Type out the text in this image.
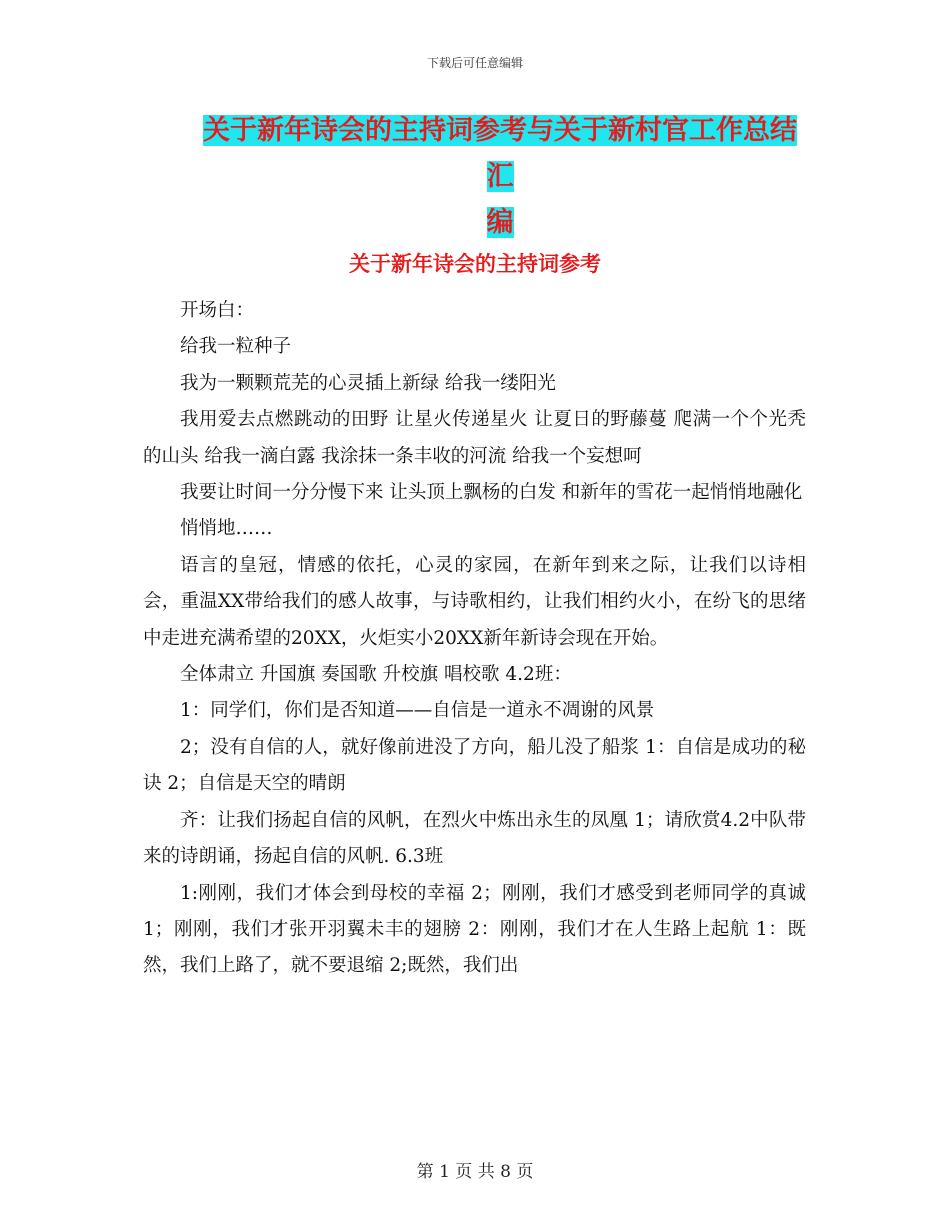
下载后可任意编辑
关于新年诗会的主持词参考与关于新村官工作总结汇
编
关于新年诗会的主持词参考

开场白：

给我一粒种子

我为一颗颗荒芜的心灵插上新绿 给我一缕阳光

我用爱去点燃跳动的田野 让星火传递星火 让夏日的野藤蔓 爬满一个个光秃的山头 给我一滴白露 我涂抹一条丰收的河流 给我一个妄想呵

我要让时间一分分慢下来 让头顶上飘杨的白发 和新年的雪花一起悄悄地融化

悄悄地……

语言的皇冠，情感的依托，心灵的家园，在新年到来之际，让我们以诗相会，重温XX带给我们的感人故事，与诗歌相约，让我们相约火小，在纷飞的思绪中走进充满希望的20XX，火炬实小20XX新年新诗会现在开始。

全体肃立 升国旗 奏国歌 升校旗 唱校歌 4.2班：

1：同学们，你们是否知道——自信是一道永不凋谢的风景

2；没有自信的人，就好像前进没了方向，船儿没了船浆 1：自信是成功的秘诀 2；自信是天空的晴朗

齐：让我们扬起自信的风帆，在烈火中炼出永生的凤凰 1；请欣赏4.2中队带来的诗朗诵，扬起自信的风帆. 6.3班

1:刚刚，我们才体会到母校的幸福 2；刚刚，我们才感受到老师同学的真诚 1；刚刚，我们才张开羽翼未丰的翅膀 2：刚刚，我们才在人生路上起航 1：既然，我们上路了，就不要退缩 2;既然，我们出

第 1 页 共 8 页
